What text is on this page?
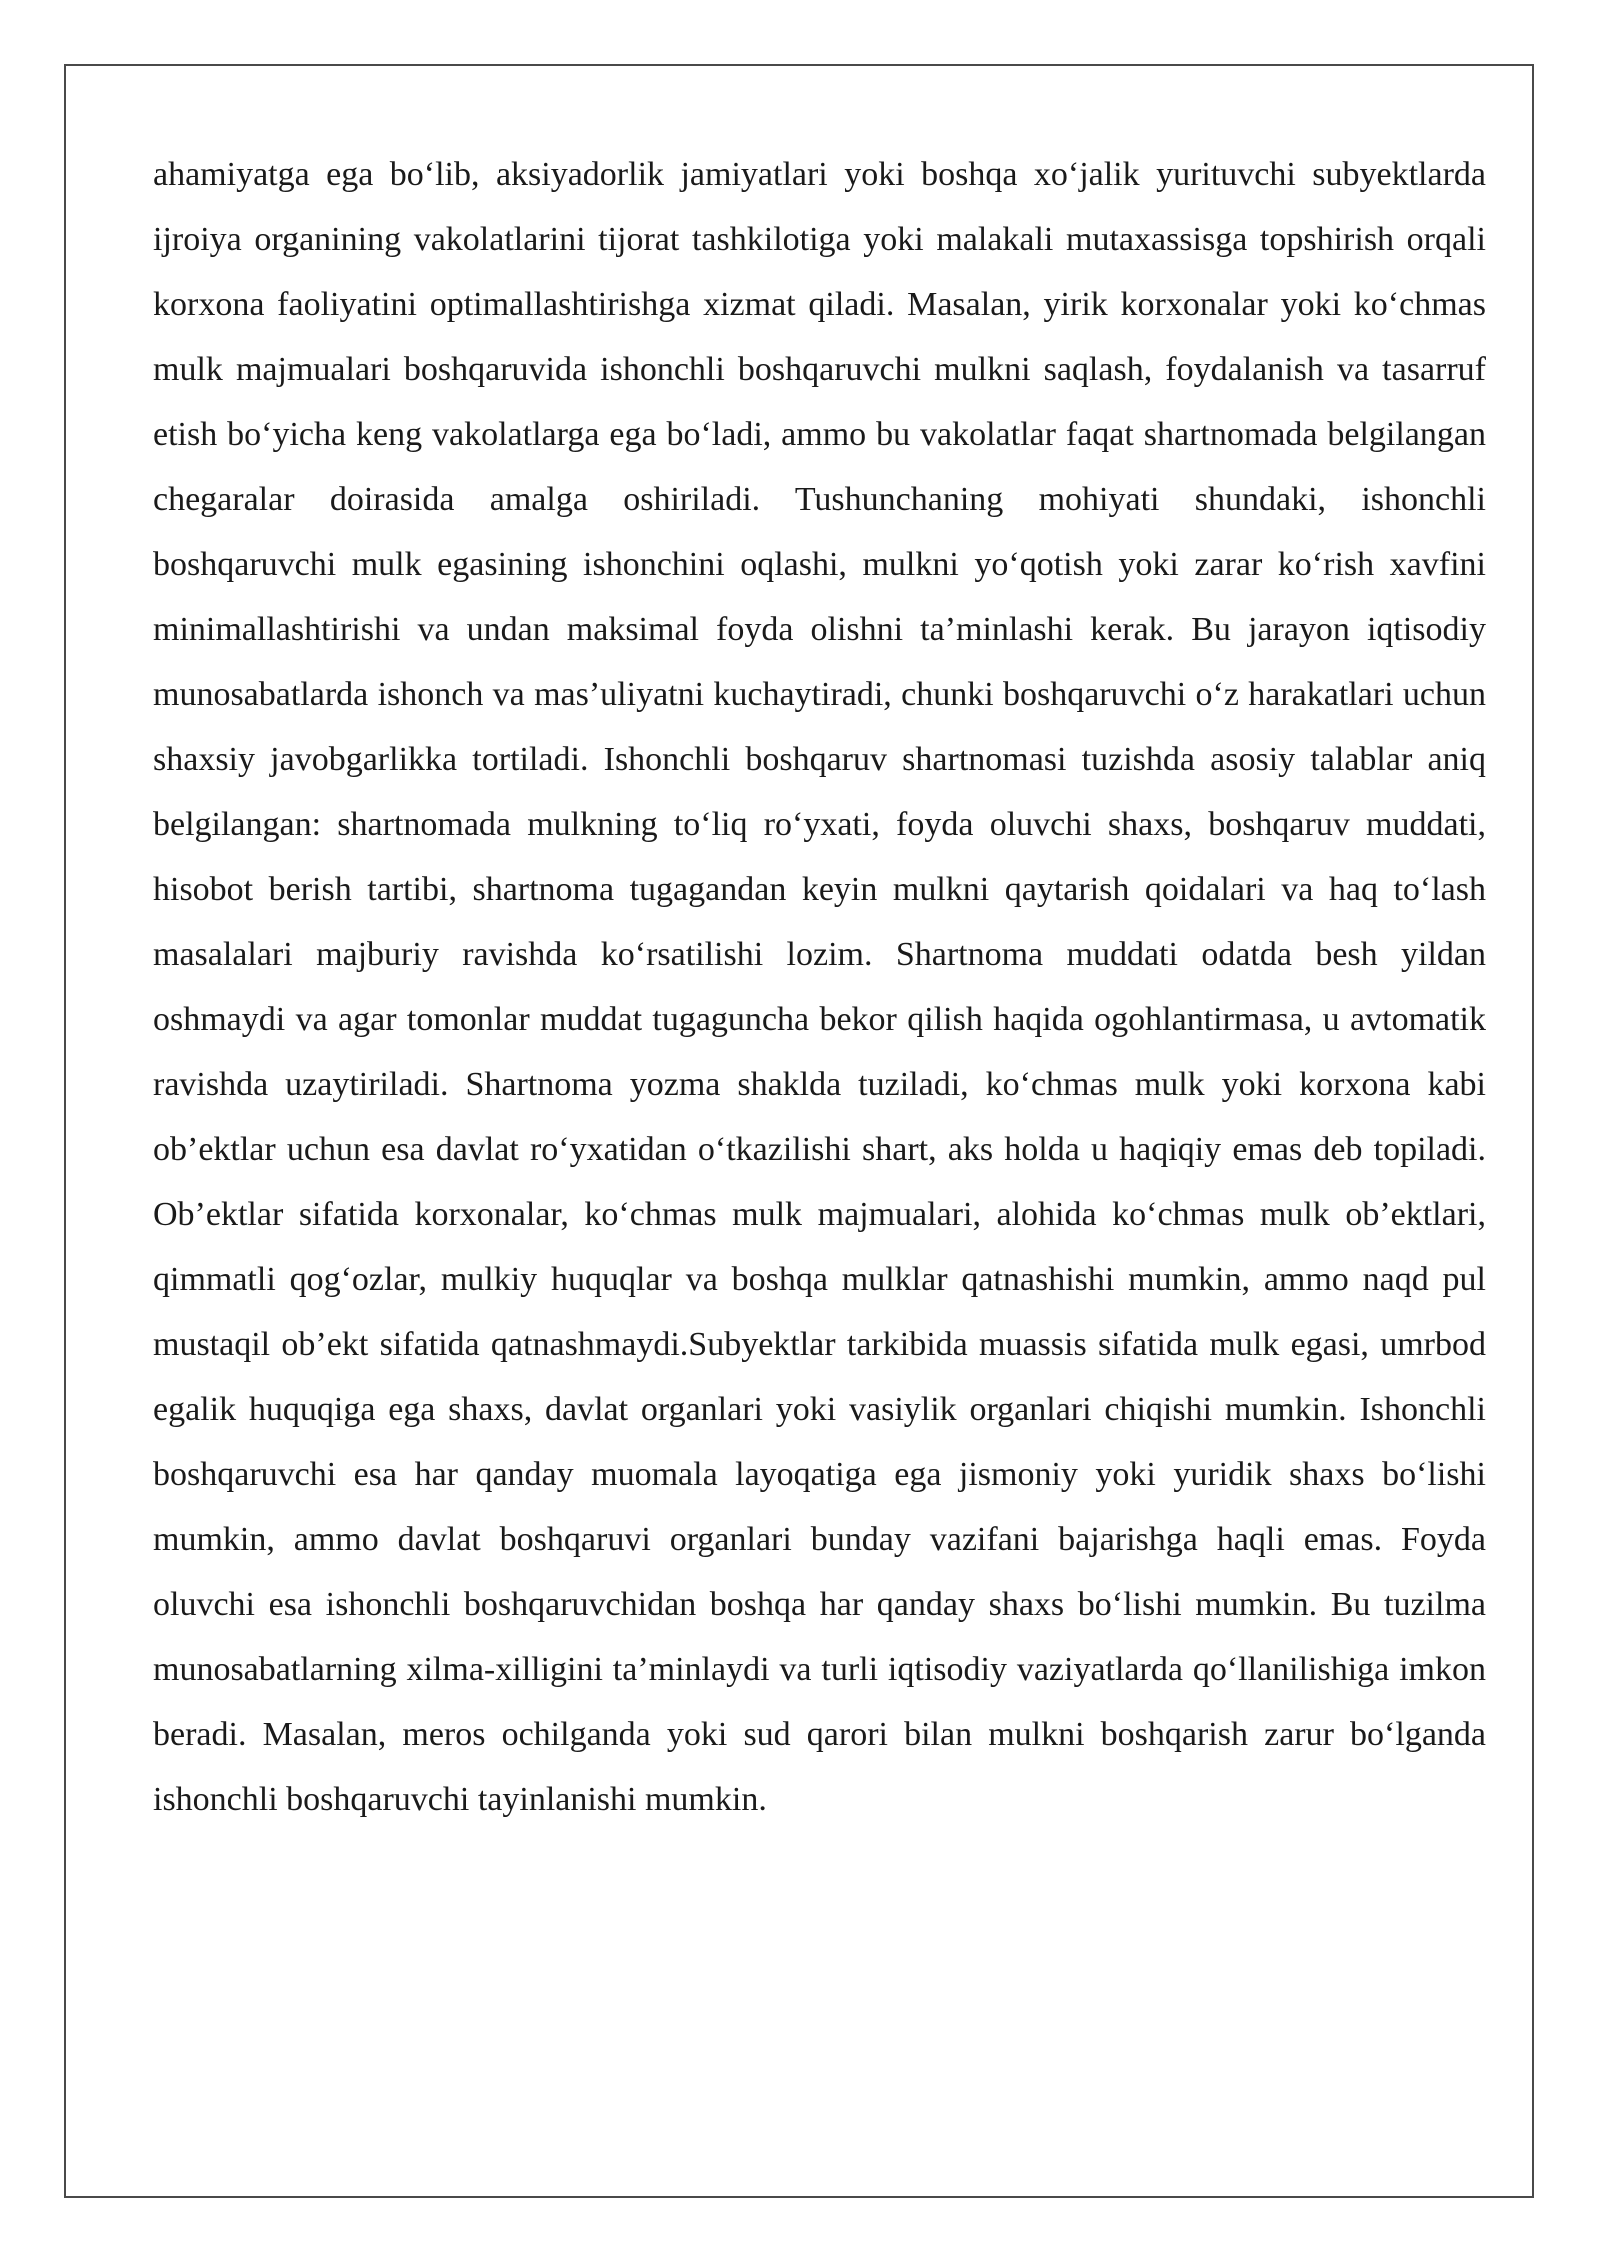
ahamiyatga ega bo‘lib, aksiyadorlik jamiyatlari yoki boshqa xo‘jalik yurituvchi subyektlarda ijroiya organining vakolatlarini tijorat tashkilotiga yoki malakali mutaxassisga topshirish orqali korxona faoliyatini optimallashtirishga xizmat qiladi. Masalan, yirik korxonalar yoki ko‘chmas mulk majmualari boshqaruvida ishonchli boshqaruvchi mulkni saqlash, foydalanish va tasarruf etish bo‘yicha keng vakolatlarga ega bo‘ladi, ammo bu vakolatlar faqat shartnomada belgilangan chegaralar doirasida amalga oshiriladi. Tushunchaning mohiyati shundaki, ishonchli boshqaruvchi mulk egasining ishonchini oqlashi, mulkni yo‘qotish yoki zarar ko‘rish xavfini minimallashtirishi va undan maksimal foyda olishni ta’minlashi kerak. Bu jarayon iqtisodiy munosabatlarda ishonch va mas’uliyatni kuchaytiradi, chunki boshqaruvchi o‘z harakatlari uchun shaxsiy javobgarlikka tortiladi. Ishonchli boshqaruv shartnomasi tuzishda asosiy talablar aniq belgilangan: shartnomada mulkning to‘liq ro‘yxati, foyda oluvchi shaxs, boshqaruv muddati, hisobot berish tartibi, shartnoma tugagandan keyin mulkni qaytarish qoidalari va haq to‘lash masalalari majburiy ravishda ko‘rsatilishi lozim. Shartnoma muddati odatda besh yildan oshmaydi va agar tomonlar muddat tugaguncha bekor qilish haqida ogohlantirmasa, u avtomatik ravishda uzaytiriladi. Shartnoma yozma shaklda tuziladi, ko‘chmas mulk yoki korxona kabi ob’ektlar uchun esa davlat ro‘yxatidan o‘tkazilishi shart, aks holda u haqiqiy emas deb topiladi. Ob’ektlar sifatida korxonalar, ko‘chmas mulk majmualari, alohida ko‘chmas mulk ob’ektlari, qimmatli qog‘ozlar, mulkiy huquqlar va boshqa mulklar qatnashishi mumkin, ammo naqd pul mustaqil ob’ekt sifatida qatnashmaydi.Subyektlar tarkibida muassis sifatida mulk egasi, umrbod egalik huquqiga ega shaxs, davlat organlari yoki vasiylik organlari chiqishi mumkin. Ishonchli boshqaruvchi esa har qanday muomala layoqatiga ega jismoniy yoki yuridik shaxs bo‘lishi mumkin, ammo davlat boshqaruvi organlari bunday vazifani bajarishga haqli emas. Foyda oluvchi esa ishonchli boshqaruvchidan boshqa har qanday shaxs bo‘lishi mumkin. Bu tuzilma munosabatlarning xilma-xilligini ta’minlaydi va turli iqtisodiy vaziyatlarda qo‘llanilishiga imkon beradi. Masalan, meros ochilganda yoki sud qarori bilan mulkni boshqarish zarur bo‘lganda ishonchli boshqaruvchi tayinlanishi mumkin.
